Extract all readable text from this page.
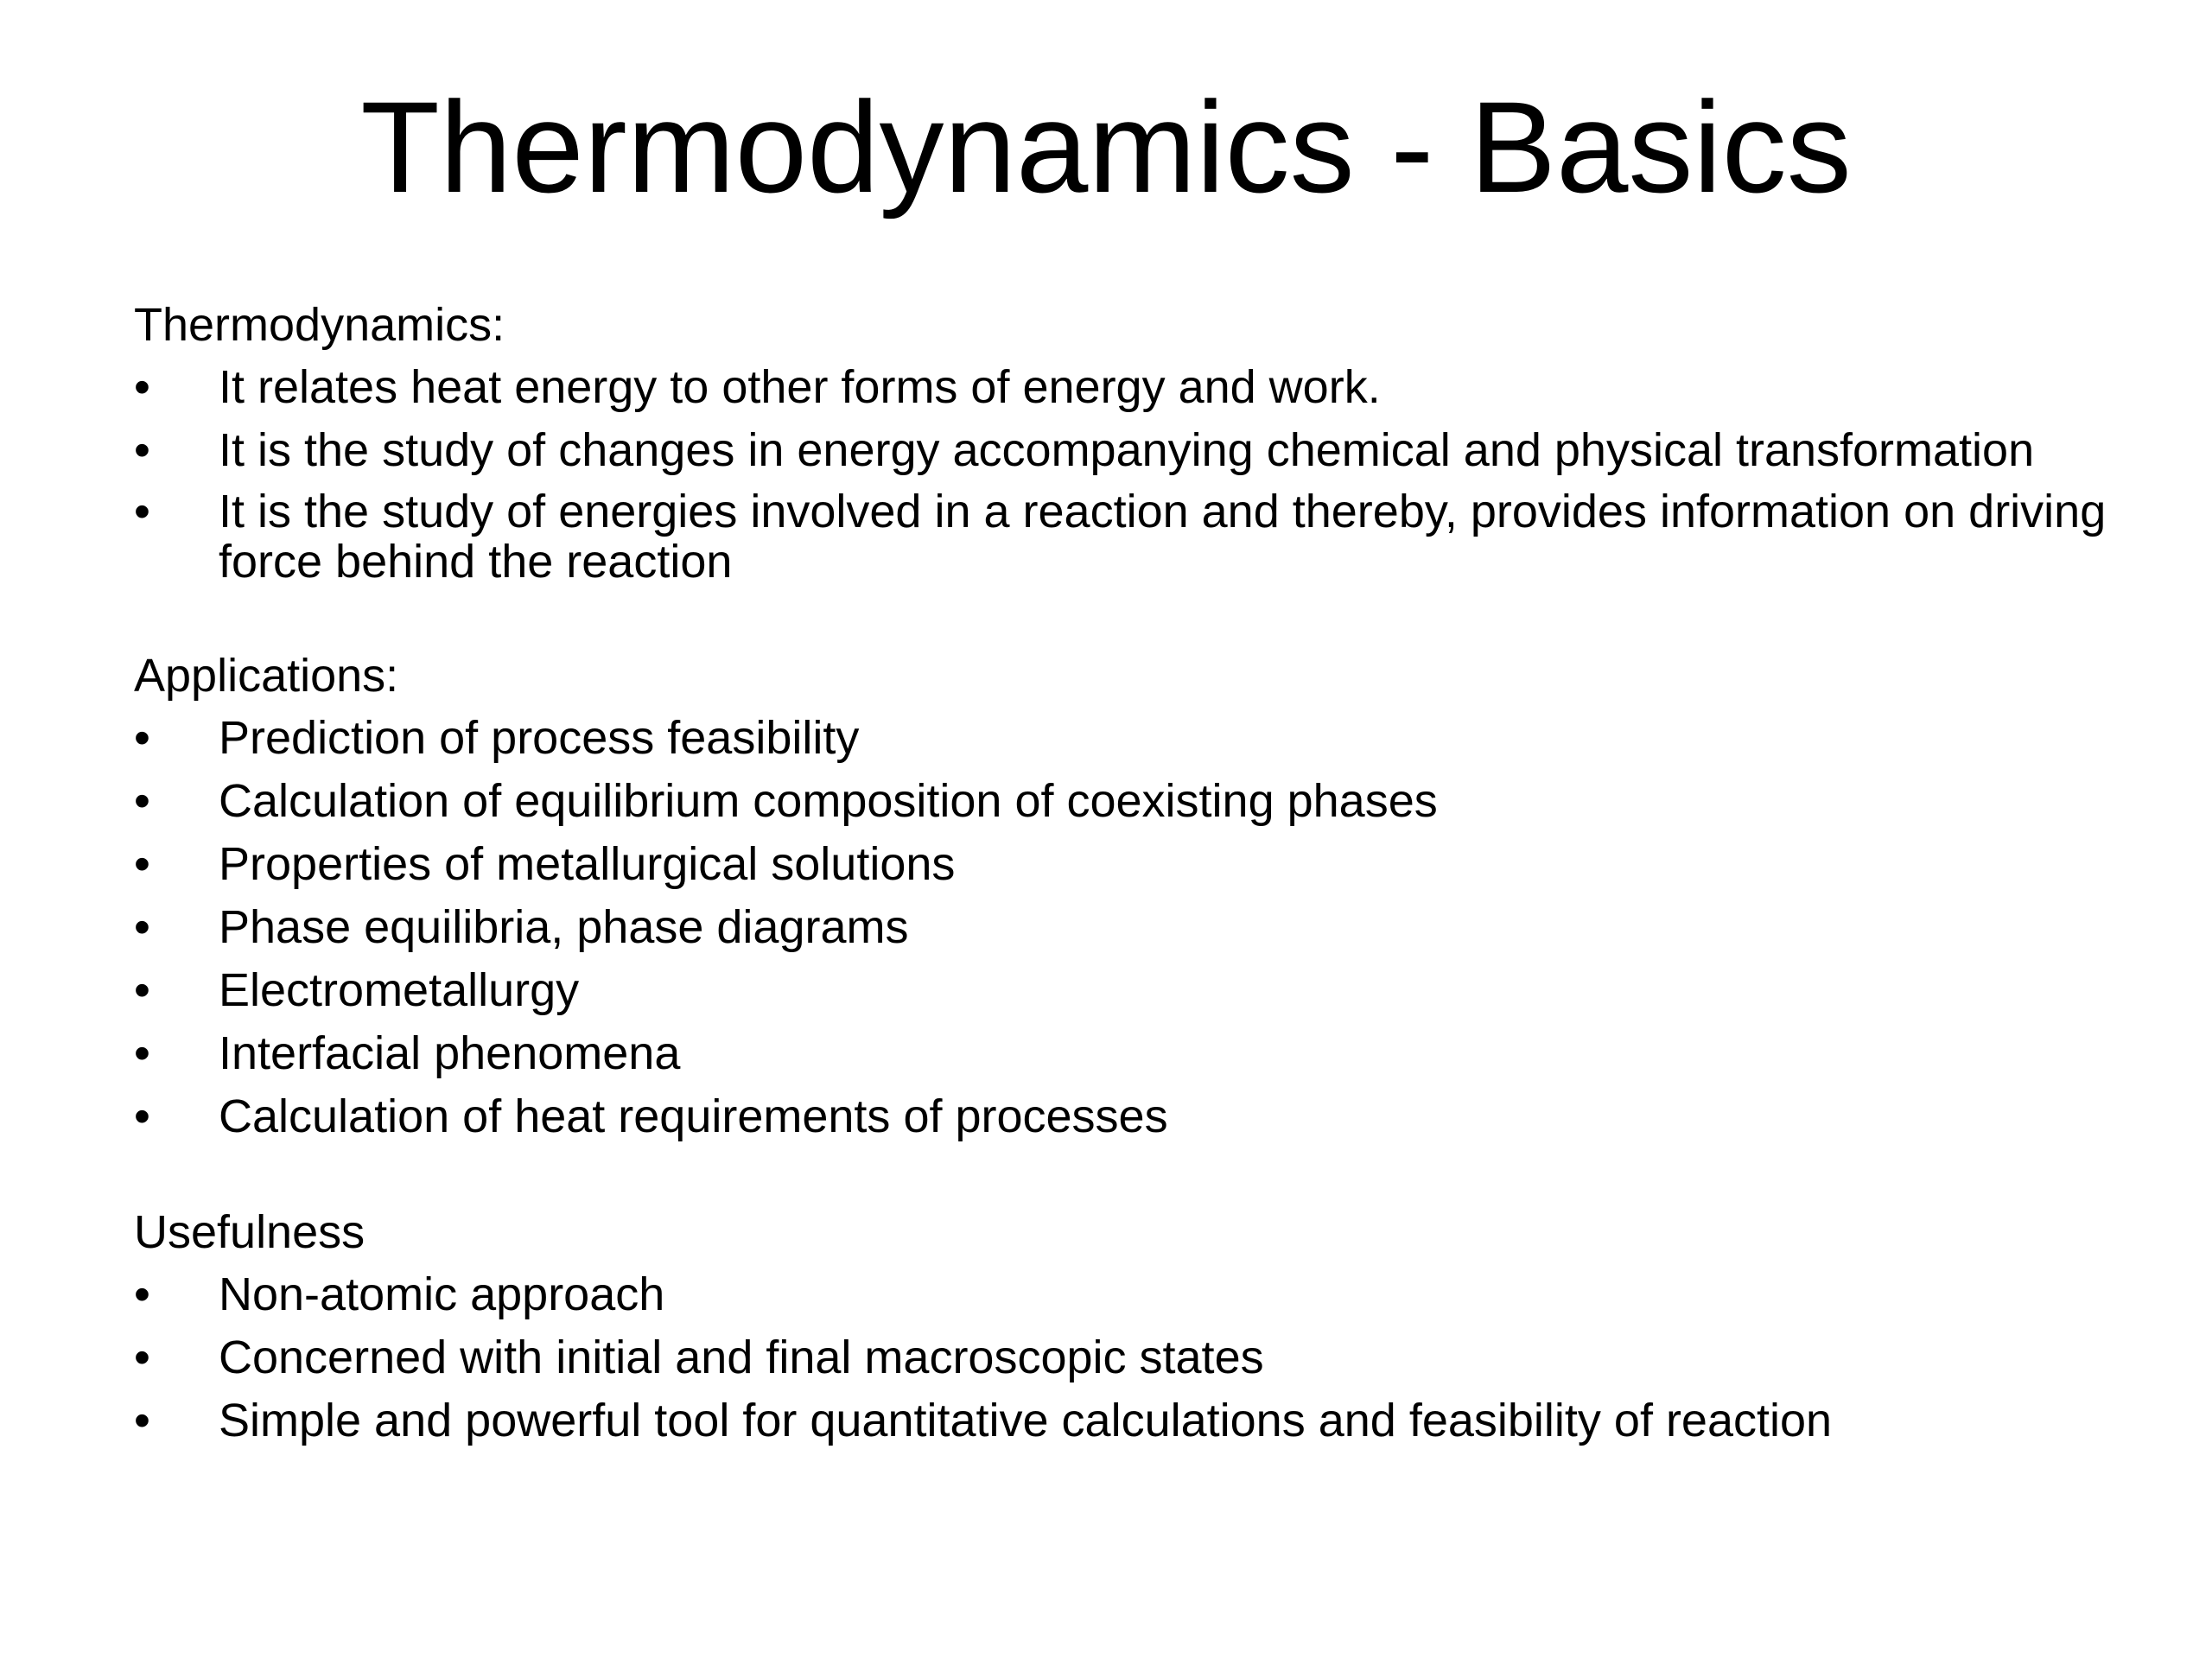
Thermodynamics - Basics
Thermodynamics:
• It relates heat energy to other forms of energy and work.
• It is the study of changes in energy accompanying chemical and physical transformation
• It is the study of energies involved in a reaction and thereby, provides information on driving force behind the reaction
Applications:
• Prediction of process feasibility
• Calculation of equilibrium composition of coexisting phases
• Properties of metallurgical solutions
• Phase equilibria, phase diagrams
• Electrometallurgy
• Interfacial phenomena
• Calculation of heat requirements of processes
Usefulness
• Non-atomic approach
• Concerned with initial and final macroscopic states
• Simple and powerful tool for quantitative calculations and feasibility of reaction
